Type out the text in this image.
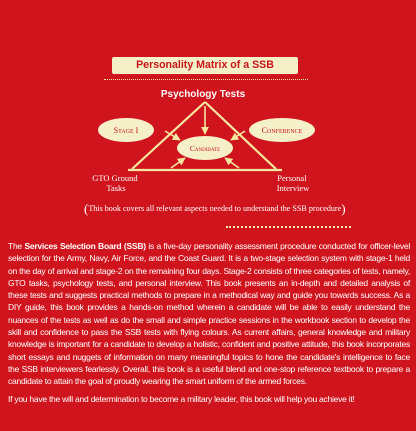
Personality Matrix of a SSB candidate
Psychology Tests
Stage I	Conference
Candidate
GTO Ground Tasks
Personal Interview
(This book covers all relevant aspects needed to understand the SSB procedure)

The Services Selection Board (SSB) is a five-day personality assessment procedure conducted for officer-level selection for the Army, Navy, Air Force, and the Coast Guard. It is a two-stage selection system with stage-1 held on the day of arrival and stage-2 on the remaining four days. Stage-2 consists of three categories of tests, namely, GTO tasks, psychology tests, and personal interview. This book presents an in-depth and detailed analysis of these tests and suggests practical methods to prepare in a methodical way and guide you towards success. As a DIY guide, this book provides a hands-on method wherein a candidate will be able to easily understand the nuances of the tests as well as do the small and simple practice sessions in the workbook section to develop the skill and confidence to pass the SSB tests with flying colours. As current affairs, general knowledge and military knowledge is important for a candidate to develop a holistic, confident and positive attitude, this book incorporates short essays and nuggets of information on many meaningful topics to hone the candidate's intelligence to face the SSB interviewers fearlessly. Overall, this book is a useful blend and one-stop reference textbook to prepare a candidate to attain the goal of proudly wearing the smart uniform of the armed forces.

If you have the will and determination to become a military leader, this book will help you achieve it!
